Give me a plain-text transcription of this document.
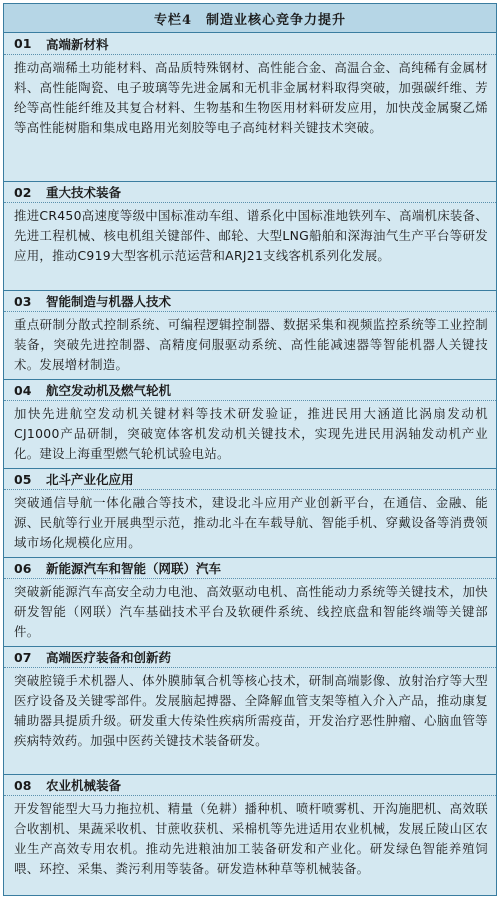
专栏4 制造业核心竞争力提升
01	高端新材料
推动高端稀土功能材料、高品质特殊钢材、高性能合金、高温合金、高纯稀有金属材料、高性能陶瓷、电子玻璃等先进金属和无机非金属材料取得突破，加强碳纤维、芳纶等高性能纤维及其复合材料、生物基和生物医用材料研发应用，加快茂金属聚乙烯等高性能树脂和集成电路用光刻胶等电子高纯材料关键技术突破。
02	重大技术装备
推进CR450高速度等级中国标准动车组、谱系化中国标准地铁列车、高端机床装备、先进工程机械、核电机组关键部件、邮轮、大型LNG船舶和深海油气生产平台等研发应用，推动C919大型客机示范运营和ARJ21支线客机系列化发展。
03	智能制造与机器人技术
重点研制分散式控制系统、可编程逻辑控制器、数据采集和视频监控系统等工业控制装备，突破先进控制器、高精度伺服驱动系统、高性能减速器等智能机器人关键技术。发展增材制造。
04	航空发动机及燃气轮机
加快先进航空发动机关键材料等技术研发验证，推进民用大涵道比涡扇发动机CJ1000产品研制，突破宽体客机发动机关键技术，实现先进民用涡轴发动机产业化。建设上海重型燃气轮机试验电站。
05	北斗产业化应用
突破通信导航一体化融合等技术，建设北斗应用产业创新平台，在通信、金融、能源、民航等行业开展典型示范，推动北斗在车载导航、智能手机、穿戴设备等消费领域市场化规模化应用。
06	新能源汽车和智能（网联）汽车
突破新能源汽车高安全动力电池、高效驱动电机、高性能动力系统等关键技术，加快研发智能（网联）汽车基础技术平台及软硬件系统、线控底盘和智能终端等关键部件。
07	高端医疗装备和创新药
突破腔镜手术机器人、体外膜肺氧合机等核心技术，研制高端影像、放射治疗等大型医疗设备及关键零部件。发展脑起搏器、全降解血管支架等植入介入产品，推动康复辅助器具提质升级。研发重大传染性疾病所需疫苗，开发治疗恶性肿瘤、心脑血管等疾病特效药。加强中医药关键技术装备研发。
08	农业机械装备
开发智能型大马力拖拉机、精量（免耕）播种机、喷杆喷雾机、开沟施肥机、高效联合收割机、果蔬采收机、甘蔗收获机、采棉机等先进适用农业机械，发展丘陵山区农业生产高效专用农机。推动先进粮油加工装备研发和产业化。研发绿色智能养殖饲喂、环控、采集、粪污利用等装备。研发造林种草等机械装备。
